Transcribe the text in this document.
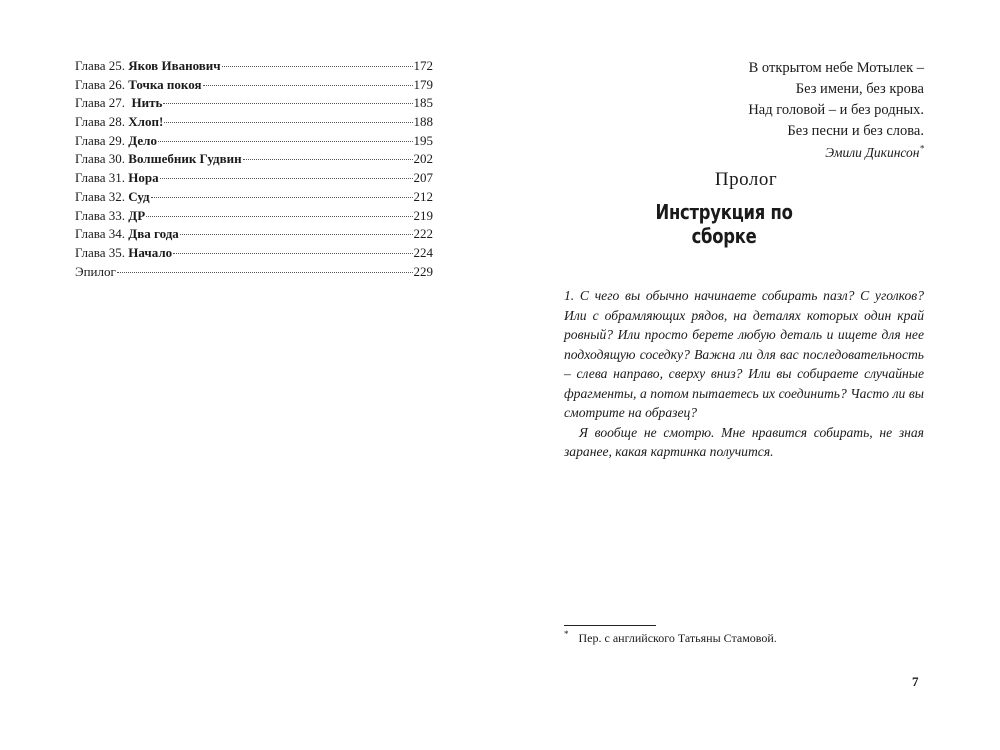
Глава 25. Яков Иванович	172
Глава 26. Точка покоя	179
Глава 27. Нить	185
Глава 28. Хлоп!	188
Глава 29. Дело	195
Глава 30. Волшебник Гудвин	202
Глава 31. Нора	207
Глава 32. Суд	212
Глава 33. ДР	219
Глава 34. Два года	222
Глава 35. Начало	224
Эпилог	229
В открытом небе Мотылек –
Без имени, без крова
Над головой – и без родных.
Без песни и без слова.
Эмили Дикинсон*
Пролог
Инструкция по сборке

1. С чего вы обычно начинаете собирать пазл? С уголков? Или с обрамляющих рядов, на деталях которых один край ровный? Или просто берете любую деталь и ищете для нее подходящую соседку? Важна ли для вас последовательность – слева направо, сверху вниз? Или вы собираете случайные фрагменты, а потом пытаетесь их соединить? Часто ли вы смотрите на образец?

Я вообще не смотрю. Мне нравится собирать, не зная заранее, какая картинка получится.

* Пер. с английского Татьяны Стамовой.
7
